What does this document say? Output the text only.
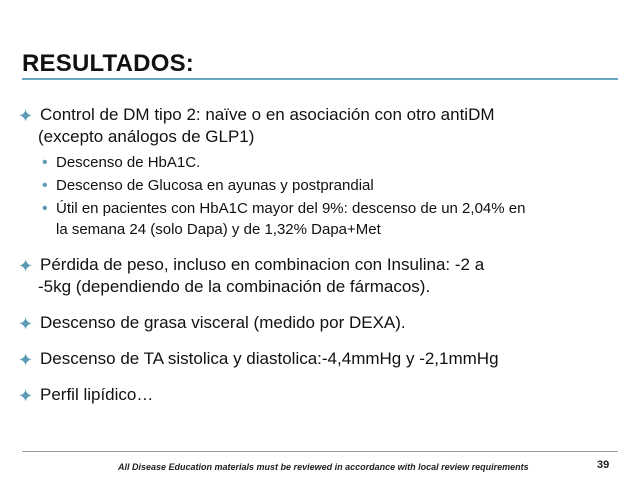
RESULTADOS:
✦ Control de DM tipo 2: naïve o en asociación con otro antiDM
(excepto análogos de GLP1)
• Descenso de HbA1C.
• Descenso de Glucosa en ayunas y postprandial
• Útil en pacientes con HbA1C mayor del 9%: descenso de un 2,04% en
la semana 24 (solo Dapa) y de 1,32% Dapa+Met
✦ Pérdida de peso, incluso en combinacion con Insulina: -2 a
-5kg (dependiendo de la combinación de fármacos).
✦ Descenso de grasa visceral (medido por DEXA).
✦ Descenso de TA sistolica y diastolica:-4,4mmHg y -2,1mmHg
✦ Perfil lipídico…
All Disease Education materials must be reviewed in accordance with local review requirements	39
